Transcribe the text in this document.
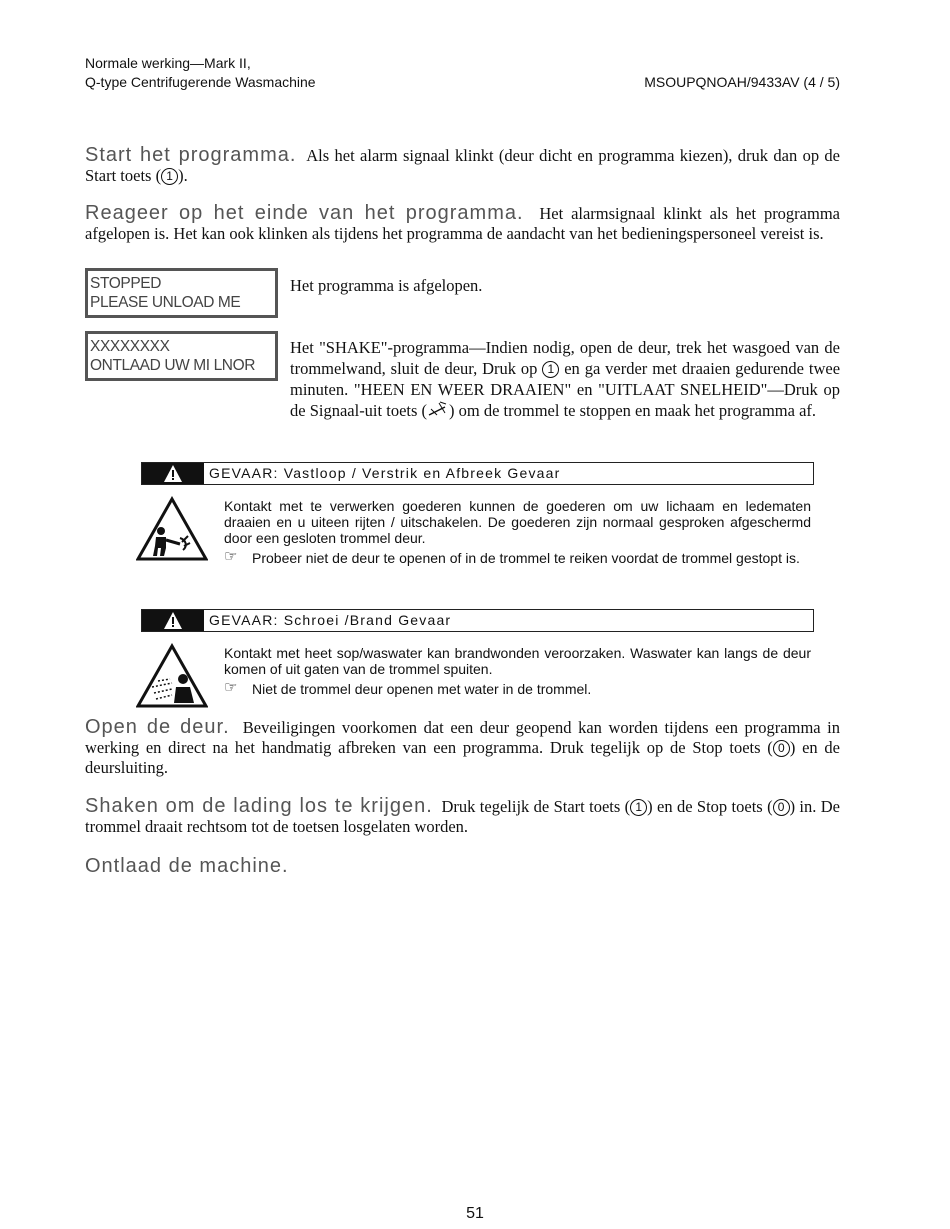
Normale werking—Mark II,
Q-type Centrifugerende Wasmachine	MSOUPQNOAH/9433AV (4 / 5)
Start het programma. Als het alarm signaal klinkt (deur dicht en programma kiezen), druk dan op de Start toets ( 1 ).
Reageer op het einde van het programma. Het alarmsignaal klinkt als het programma afgelopen is. Het kan ook klinken als tijdens het programma de aandacht van het bedieningspersoneel vereist is.
STOPPED
PLEASE UNLOAD ME
Het programma is afgelopen.
XXXXXXXX
ONTLAAD UW MI LNOR
Het "SHAKE"-programma—Indien nodig, open de deur, trek het wasgoed van de trommelwand, sluit de deur, Druk op 1 en ga verder met draaien gedurende twee minuten. "HEEN EN WEER DRAAIEN" en "UITLAAT SNELHEID"—Druk op de Signaal-uit toets ( ) om de trommel te stoppen en maak het programma af.
GEVAAR: Vastloop / Verstrik en Afbreek Gevaar
Kontakt met te verwerken goederen kunnen de goederen om uw lichaam en ledematen draaien en u uiteen rijten / uitschakelen. De goederen zijn normaal gesproken afgeschermd door een gesloten trommel deur.
☞ Probeer niet de deur te openen of in de trommel te reiken voordat de trommel gestopt is.
GEVAAR: Schroei /Brand Gevaar
Kontakt met heet sop/waswater kan brandwonden veroorzaken. Waswater kan langs de deur komen of uit gaten van de trommel spuiten.
☞ Niet de trommel deur openen met water in de trommel.
Open de deur. Beveiligingen voorkomen dat een deur geopend kan worden tijdens een programma in werking en direct na het handmatig afbreken van een programma. Druk tegelijk op de Stop toets ( 0 ) en de deursluiting.
Shaken om de lading los te krijgen. Druk tegelijk de Start toets ( 1 ) en de Stop toets ( 0 ) in. De trommel draait rechtsom tot de toetsen losgelaten worden.
Ontlaad de machine.
51
